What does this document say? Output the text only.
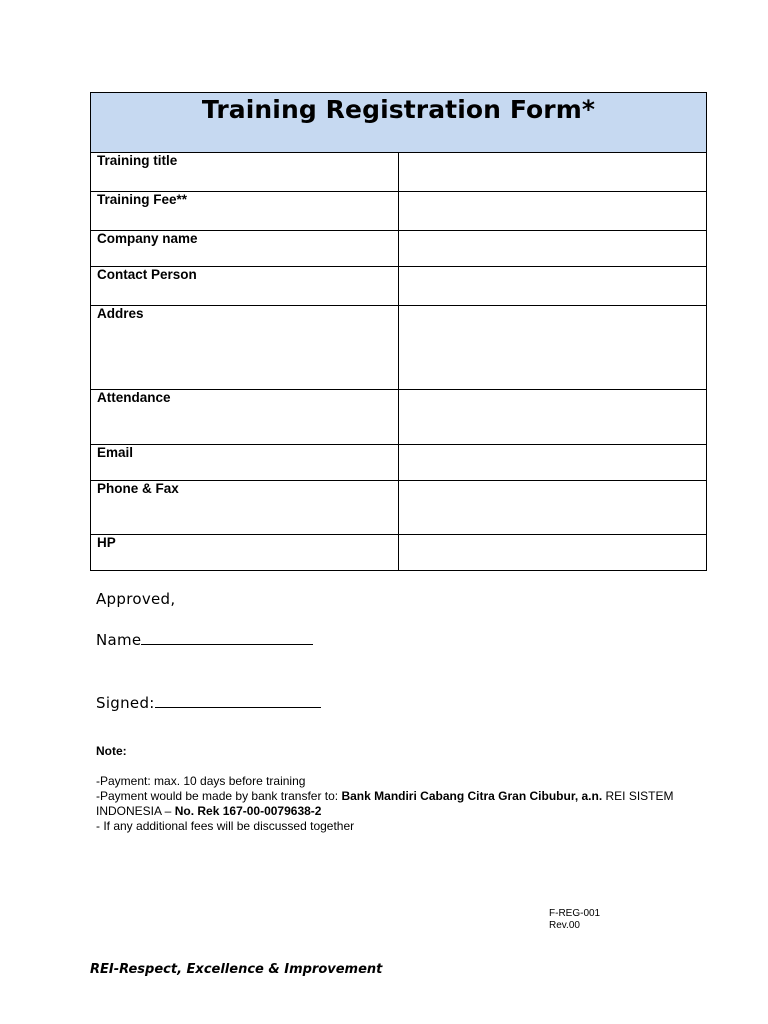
Training Registration Form*	

Training title	

Training Fee**	

Company name	

Contact Person	

Addres	

Attendance	

Email	

Phone & Fax	

HP	

Approved,
Name
Signed:
Note:
-Payment: max. 10 days before training
-Payment would be made by bank transfer to: Bank Mandiri Cabang Citra Gran Cibubur, a.n. REI SISTEM
INDONESIA – No. Rek 167-00-0079638-2
- If any additional fees will be discussed together
F-REG-001
Rev.00
REI-Respect, Excellence & Improvement
